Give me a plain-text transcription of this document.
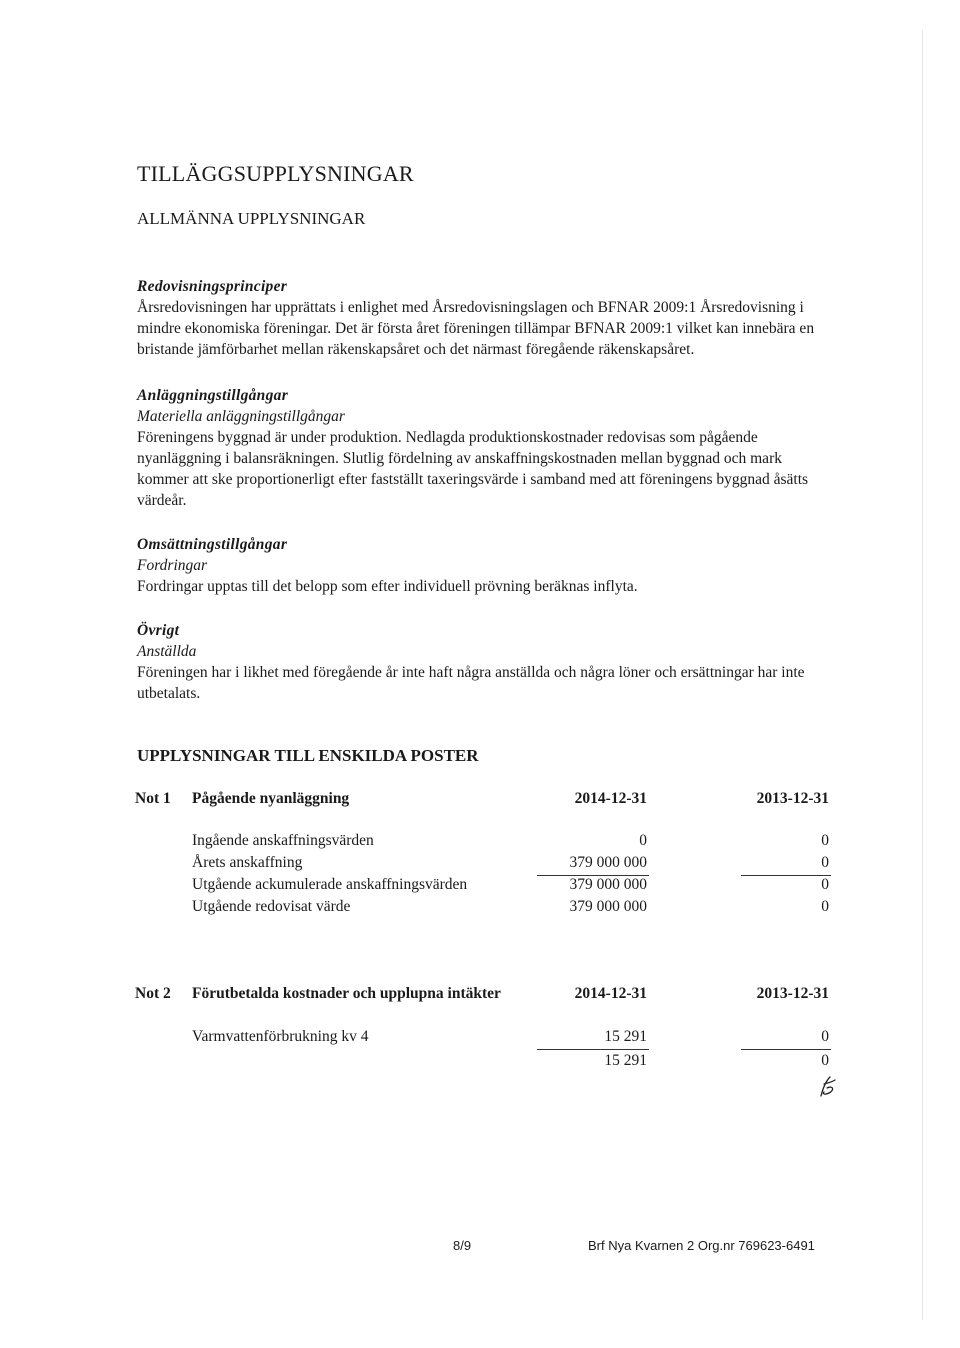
TILLÄGGSUPPLYSNINGAR
ALLMÄNNA UPPLYSNINGAR
Redovisningsprinciper

Årsredovisningen har upprättats i enlighet med Årsredovisningslagen och BFNAR 2009:1 Årsredovisning i mindre ekonomiska föreningar. Det är första året föreningen tillämpar BFNAR 2009:1 vilket kan innebära en bristande jämförbarhet mellan räkenskapsåret och det närmast föregående räkenskapsåret.

Anläggningstillgångar
Materiella anläggningstillgångar

Föreningens byggnad är under produktion. Nedlagda produktionskostnader redovisas som pågående nyanläggning i balansräkningen. Slutlig fördelning av anskaffningskostnaden mellan byggnad och mark kommer att ske proportionerligt efter fastställt taxeringsvärde i samband med att föreningens byggnad åsätts värdeår.

Omsättningstillgångar
Fordringar

Fordringar upptas till det belopp som efter individuell prövning beräknas inflyta.

Övrigt
Anställda

Föreningen har i likhet med föregående år inte haft några anställda och några löner och ersättningar har inte utbetalats.

UPPLYSNINGAR TILL ENSKILDA POSTER
Not 1 Pågående nyanläggning	2014-12-31	2013-12-31
Ingående anskaffningsvärden	0	0
Årets anskaffning	379 000 000	0
Utgående ackumulerade anskaffningsvärden	379 000 000	0
Utgående redovisat värde	379 000 000	0
Not 2 Förutbetalda kostnader och upplupna intäkter	2014-12-31	2013-12-31
Varmvattenförbrukning kv 4	15 291	0
15 291	0
8/9	Brf Nya Kvarnen 2 Org.nr 769623-6491
